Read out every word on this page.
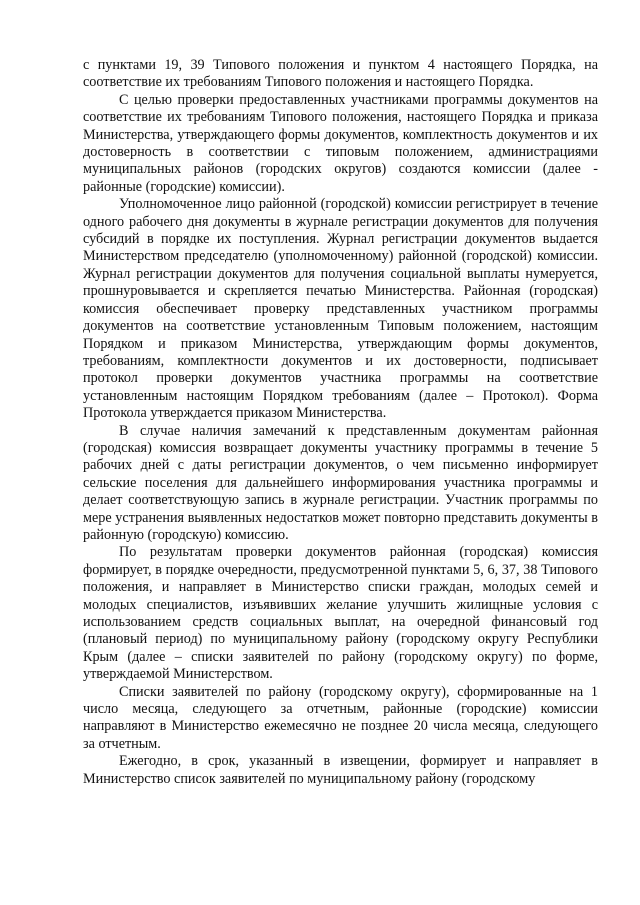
с пунктами 19, 39 Типового положения и пунктом 4 настоящего Порядка, на соответствие их требованиям Типового положения и настоящего Порядка.

С целью проверки предоставленных участниками программы документов на соответствие их требованиям Типового положения, настоящего Порядка и приказа Министерства, утверждающего формы документов, комплектность документов и их достоверность в соответствии с типовым положением, администрациями муниципальных районов (городских округов) создаются комиссии (далее - районные (городские) комиссии).

Уполномоченное лицо районной (городской) комиссии регистрирует в течение одного рабочего дня документы в журнале регистрации документов для получения субсидий в порядке их поступления. Журнал регистрации документов выдается Министерством председателю (уполномоченному) районной (городской) комиссии. Журнал регистрации документов для получения социальной выплаты нумеруется, прошнуровывается и скрепляется печатью Министерства. Районная (городская) комиссия обеспечивает проверку представленных участником программы документов на соответствие установленным Типовым положением, настоящим Порядком и приказом Министерства, утверждающим формы документов, требованиям, комплектности документов и их достоверности, подписывает протокол проверки документов участника программы на соответствие установленным настоящим Порядком требованиям (далее – Протокол). Форма Протокола утверждается приказом Министерства.

В случае наличия замечаний к представленным документам районная (городская) комиссия возвращает документы участнику программы в течение 5 рабочих дней с даты регистрации документов, о чем письменно информирует сельские поселения для дальнейшего информирования участника программы и делает соответствующую запись в журнале регистрации. Участник программы по мере устранения выявленных недостатков может повторно представить документы в районную (городскую) комиссию.

По результатам проверки документов районная (городская) комиссия формирует, в порядке очередности, предусмотренной пунктами 5, 6, 37, 38 Типового положения, и направляет в Министерство списки граждан, молодых семей и молодых специалистов, изъявивших желание улучшить жилищные условия с использованием средств социальных выплат, на очередной финансовый год (плановый период) по муниципальному району (городскому округу Республики Крым (далее – списки заявителей по району (городскому округу) по форме, утверждаемой Министерством.

Списки заявителей по району (городскому округу), сформированные на 1 число месяца, следующего за отчетным, районные (городские) комиссии направляют в Министерство ежемесячно не позднее 20 числа месяца, следующего за отчетным.

Ежегодно, в срок, указанный в извещении, формирует и направляет в Министерство список заявителей по муниципальному району (городскому
